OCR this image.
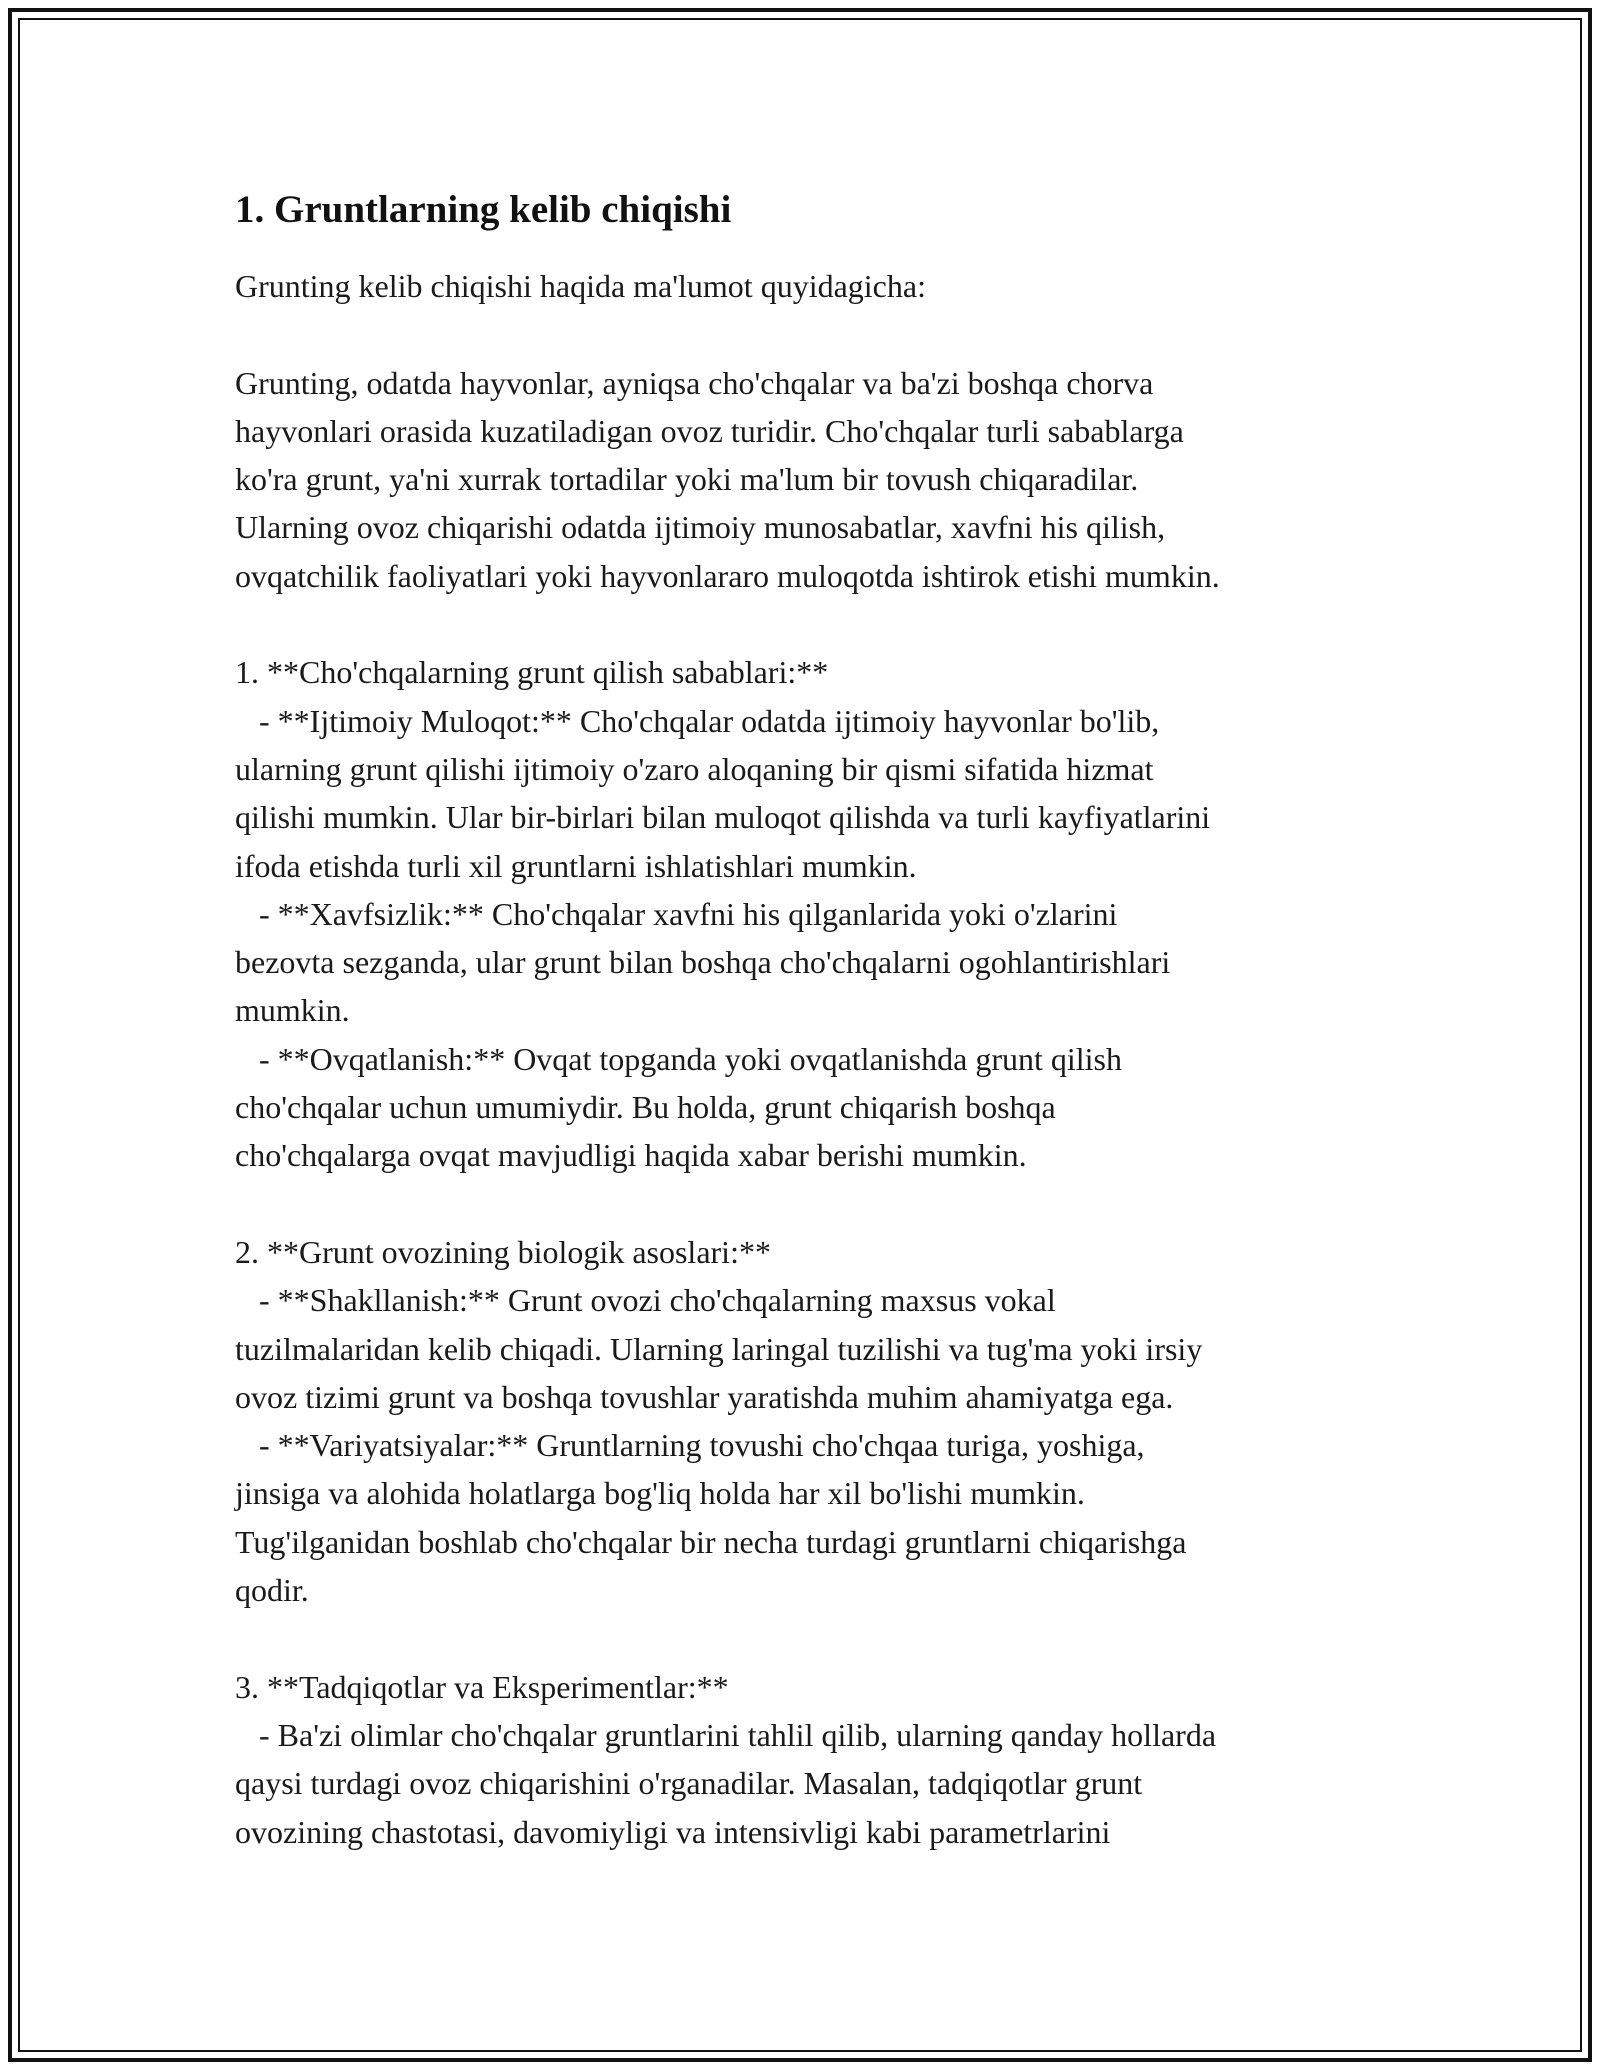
1. Gruntlarning kelib chiqishi

Grunting kelib chiqishi haqida ma'lumot quyidagicha:

Grunting, odatda hayvonlar, ayniqsa cho'chqalar va ba'zi boshqa chorva
hayvonlari orasida kuzatiladigan ovoz turidir. Cho'chqalar turli sabablarga
ko'ra grunt, ya'ni xurrak tortadilar yoki ma'lum bir tovush chiqaradilar.
Ularning ovoz chiqarishi odatda ijtimoiy munosabatlar, xavfni his qilish,
ovqatchilik faoliyatlari yoki hayvonlararo muloqotda ishtirok etishi mumkin.

1. **Cho'chqalarning grunt qilish sabablari:**
- **Ijtimoiy Muloqot:** Cho'chqalar odatda ijtimoiy hayvonlar bo'lib,
ularning grunt qilishi ijtimoiy o'zaro aloqaning bir qismi sifatida hizmat
qilishi mumkin. Ular bir-birlari bilan muloqot qilishda va turli kayfiyatlarini
ifoda etishda turli xil gruntlarni ishlatishlari mumkin.
- **Xavfsizlik:** Cho'chqalar xavfni his qilganlarida yoki o'zlarini
bezovta sezganda, ular grunt bilan boshqa cho'chqalarni ogohlantirishlari
mumkin.
- **Ovqatlanish:** Ovqat topganda yoki ovqatlanishda grunt qilish
cho'chqalar uchun umumiydir. Bu holda, grunt chiqarish boshqa
cho'chqalarga ovqat mavjudligi haqida xabar berishi mumkin.

2. **Grunt ovozining biologik asoslari:**
- **Shakllanish:** Grunt ovozi cho'chqalarning maxsus vokal
tuzilmalaridan kelib chiqadi. Ularning laringal tuzilishi va tug'ma yoki irsiy
ovoz tizimi grunt va boshqa tovushlar yaratishda muhim ahamiyatga ega.
- **Variyatsiyalar:** Gruntlarning tovushi cho'chqaa turiga, yoshiga,
jinsiga va alohida holatlarga bog'liq holda har xil bo'lishi mumkin.
Tug'ilganidan boshlab cho'chqalar bir necha turdagi gruntlarni chiqarishga
qodir.

3. **Tadqiqotlar va Eksperimentlar:**
- Ba'zi olimlar cho'chqalar gruntlarini tahlil qilib, ularning qanday hollarda
qaysi turdagi ovoz chiqarishini o'rganadilar. Masalan, tadqiqotlar grunt
ovozining chastotasi, davomiyligi va intensivligi kabi parametrlarini
